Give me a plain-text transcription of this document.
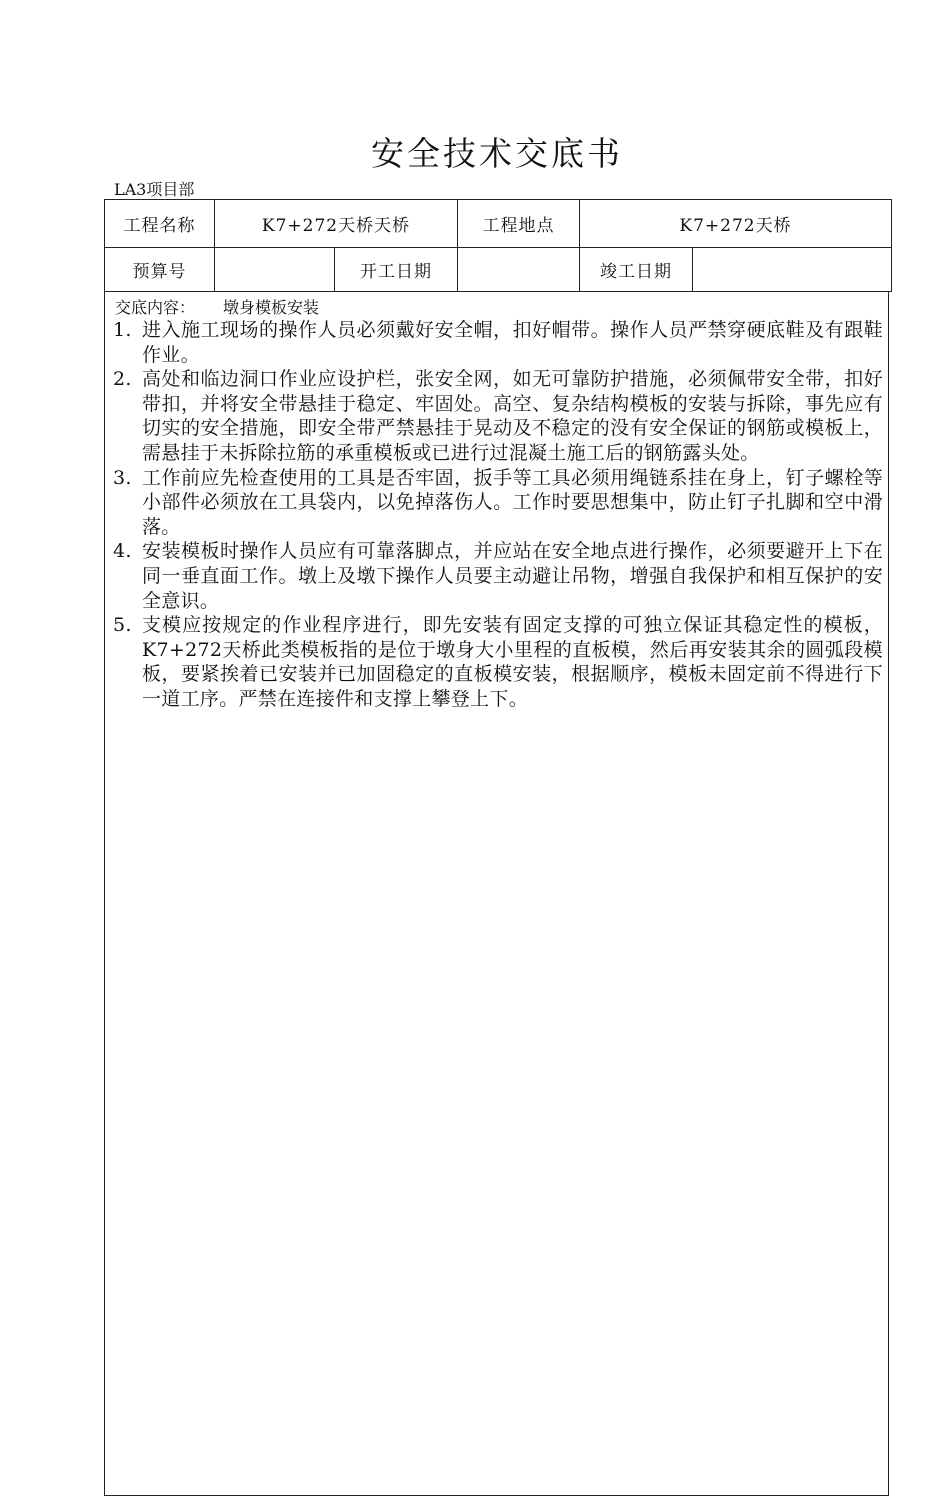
安全技术交底书
LA3项目部
工程名称	K7+272天桥天桥		工程地点	K7+272天桥	
预算号		开工日期		竣工日期	
交底内容： 墩身模板安装
1. 进入施工现场的操作人员必须戴好安全帽，扣好帽带。操作人员严禁穿硬底鞋及有跟鞋作业。
2. 高处和临边洞口作业应设护栏，张安全网，如无可靠防护措施，必须佩带安全带，扣好带扣，并将安全带悬挂于稳定、牢固处。高空、复杂结构模板的安装与拆除，事先应有切实的安全措施，即安全带严禁悬挂于晃动及不稳定的没有安全保证的钢筋或模板上，需悬挂于未拆除拉筋的承重模板或已进行过混凝土施工后的钢筋露头处。
3. 工作前应先检查使用的工具是否牢固，扳手等工具必须用绳链系挂在身上，钉子螺栓等小部件必须放在工具袋内，以免掉落伤人。工作时要思想集中，防止钉子扎脚和空中滑落。
4. 安装模板时操作人员应有可靠落脚点，并应站在安全地点进行操作，必须要避开上下在同一垂直面工作。墩上及墩下操作人员要主动避让吊物，增强自我保护和相互保护的安全意识。
5. 支模应按规定的作业程序进行，即先安装有固定支撑的可独立保证其稳定性的模板，K7+272天桥此类模板指的是位于墩身大小里程的直板模，然后再安装其余的圆弧段模板，要紧挨着已安装并已加固稳定的直板模安装，根据顺序，模板未固定前不得进行下一道工序。严禁在连接件和支撑上攀登上下。
